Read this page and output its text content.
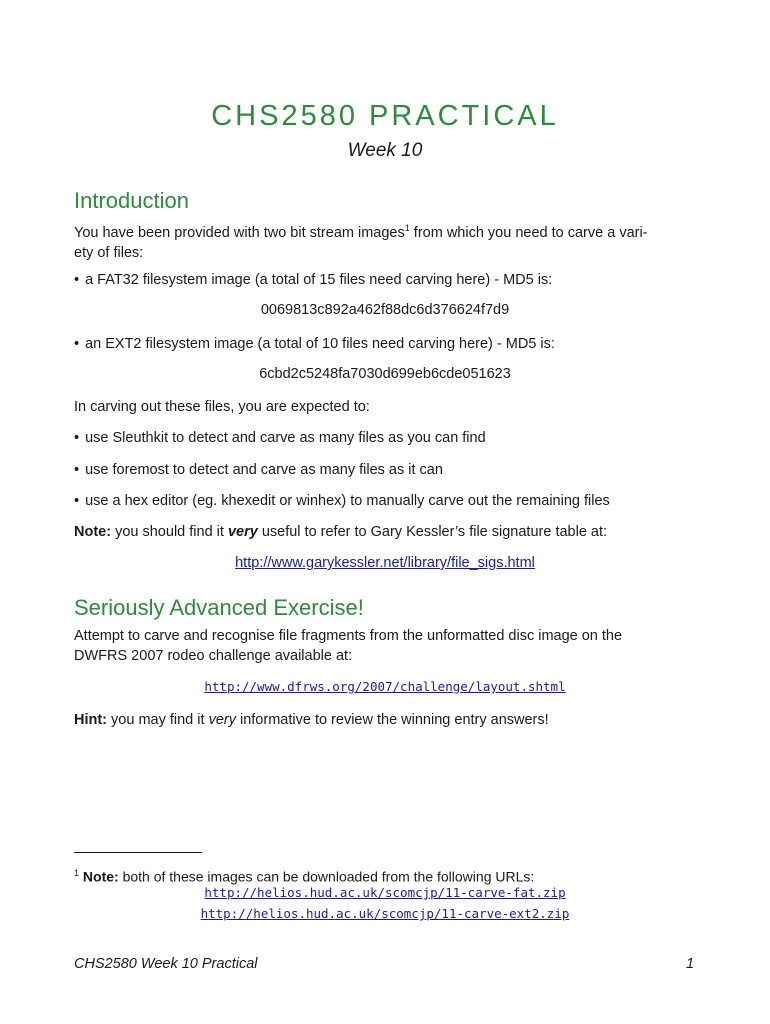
CHS2580 PRACTICAL
Week 10
Introduction
You have been provided with two bit stream images$^1$ from which you need to carve a vari-
ety of files:
• a FAT32 filesystem image (a total of 15 files need carving here) - MD5 is:
0069813c892a462f88dc6d376624f7d9
• an EXT2 filesystem image (a total of 10 files need carving here) - MD5 is:
6cbd2c5248fa7030d699eb6cde051623
In carving out these files, you are expected to:
• use Sleuthkit to detect and carve as many files as you can find
• use foremost to detect and carve as many files as it can
• use a hex editor (eg. khexedit or winhex) to manually carve out the remaining files
Note: you should find it very useful to refer to Gary Kessler’s file signature table at:
http://www.garykessler.net/library/file_sigs.html
Seriously Advanced Exercise!
Attempt to carve and recognise file fragments from the unformatted disc image on the
DWFRS 2007 rodeo challenge available at:
http://www.dfrws.org/2007/challenge/layout.shtml
Hint: you may find it very informative to review the winning entry answers!
$^1$ Note: both of these images can be downloaded from the following URLs:
http://helios.hud.ac.uk/scomcjp/11-carve-fat.zip
http://helios.hud.ac.uk/scomcjp/11-carve-ext2.zip
CHS2580 Week 10 Practical	1
